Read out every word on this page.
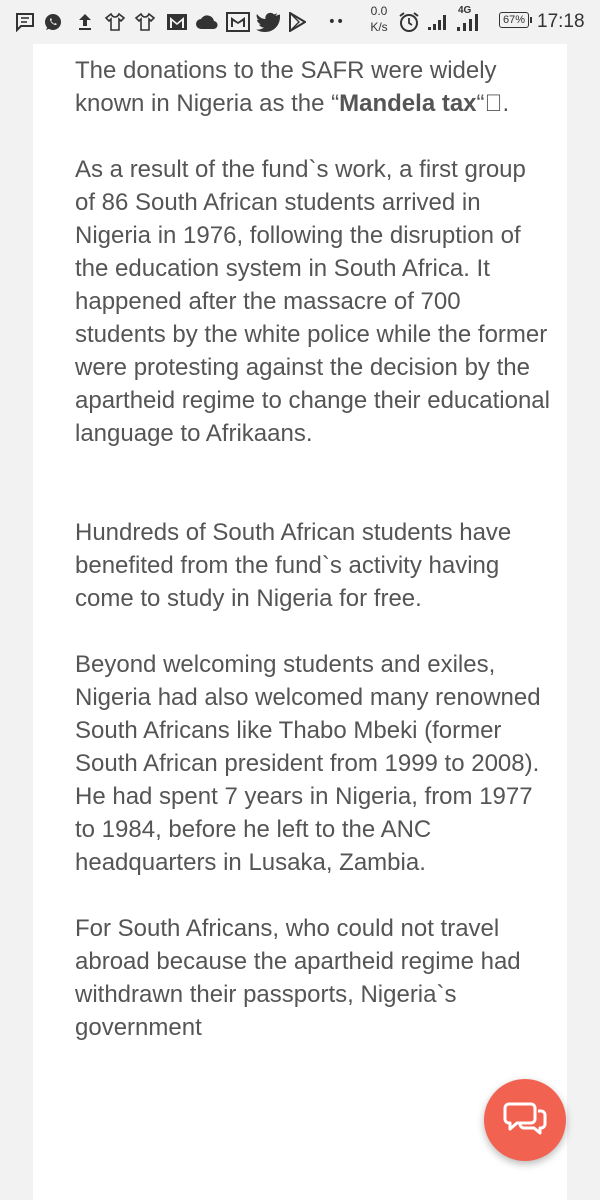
••
0.0
K/s
4G
67% 17:18

The donations to the SAFR were widely known in Nigeria as the “Mandela tax“ .

As a result of the fund`s work, a first group of 86 South African students arrived in Nigeria in 1976, following the disruption of the education system in South Africa. It happened after the massacre of 700 students by the white police while the former were protesting against the decision by the apartheid regime to change their educational language to Afrikaans.

Hundreds of South African students have benefited from the fund`s activity having come to study in Nigeria for free.

Beyond welcoming students and exiles, Nigeria had also welcomed many renowned South Africans like Thabo Mbeki (former South African president from 1999 to 2008). He had spent 7 years in Nigeria, from 1977 to 1984, before he left to the ANC headquarters in Lusaka, Zambia.

For South Africans, who could not travel abroad because the apartheid regime had withdrawn their passports, Nigeria`s government
